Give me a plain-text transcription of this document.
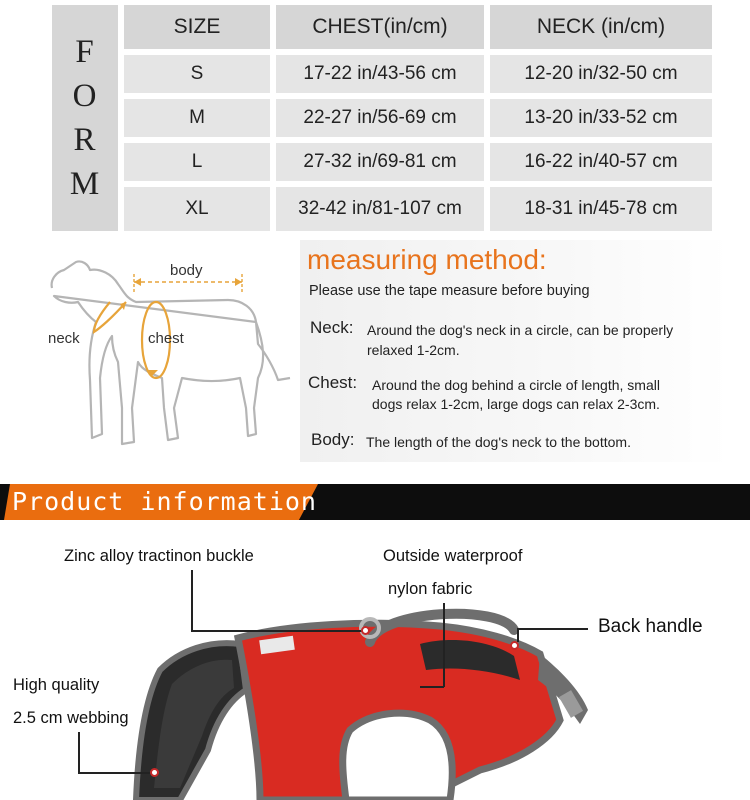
F
O
R
M
SIZE	CHEST(in/cm)	NECK (in/cm)
S	17-22 in/43-56 cm	12-20 in/32-50 cm
M	22-27 in/56-69 cm	13-20 in/33-52 cm
L	27-32 in/69-81 cm	16-22 in/40-57 cm
XL	32-42 in/81-107 cm	18-31 in/45-78 cm
body
neck	chest
measuring method:
Please use the tape measure before buying
Neck: Around the dog's neck in a circle, can be properly
relaxed 1-2cm.
Chest: Around the dog behind a circle of length, small
dogs relax 1-2cm, large dogs can relax 2-3cm.
Body: The length of the dog's neck to the bottom.
Product information
Zinc alloy tractinon buckle	Outside waterproof
nylon fabric
Back handle
High quality
2.5 cm webbing
